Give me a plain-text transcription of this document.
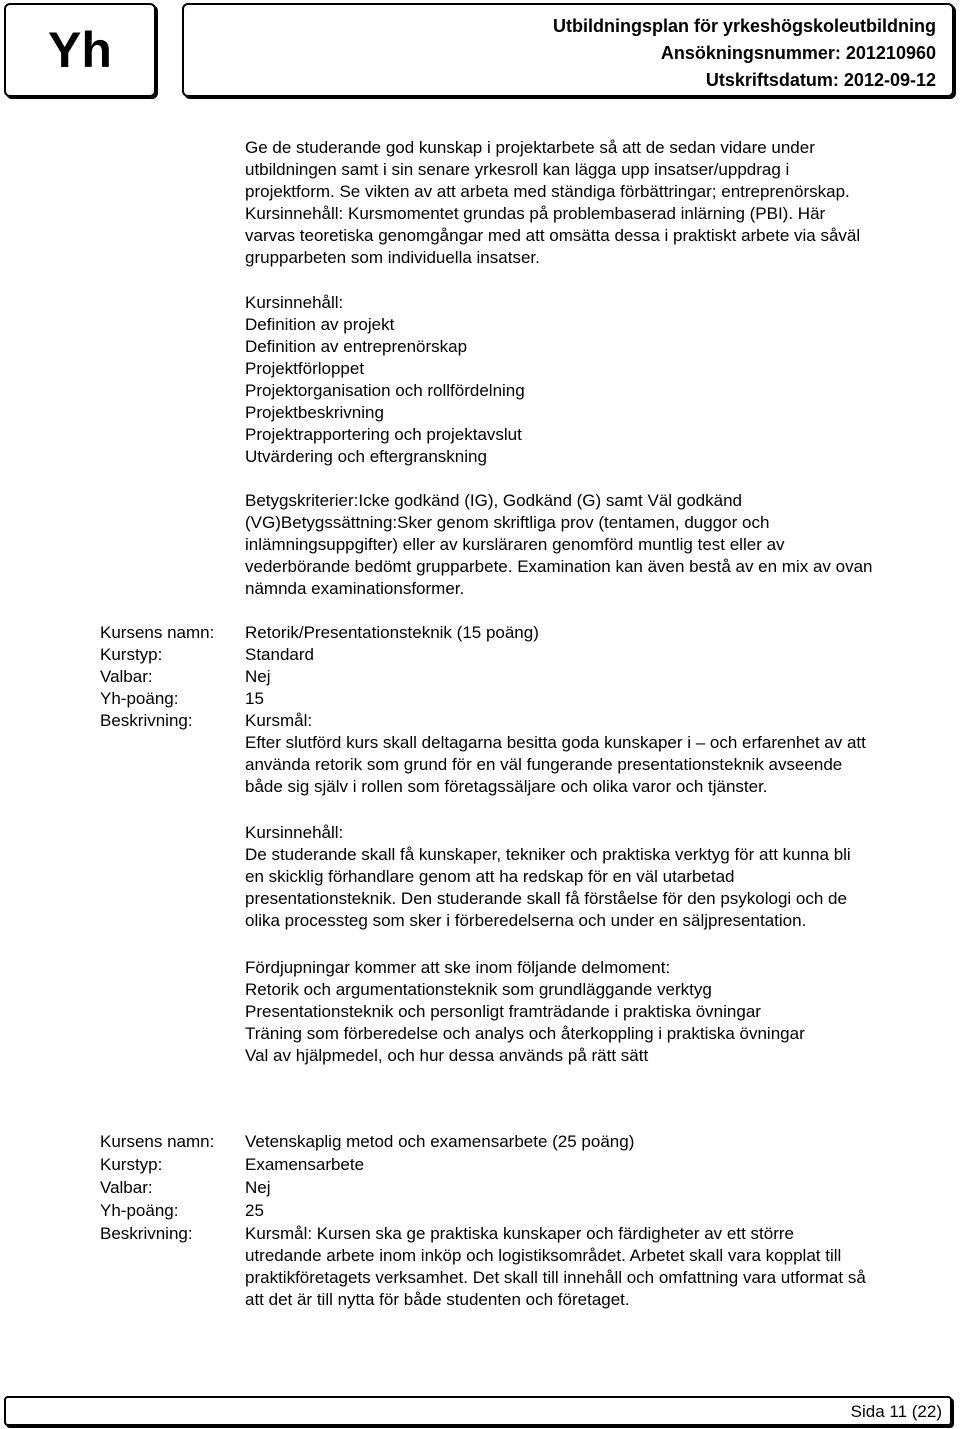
Yh	Utbildningsplan för yrkeshögskoleutbildning
Ansökningsnummer: 201210960
Utskriftsdatum: 2012-09-12
Ge de studerande god kunskap i projektarbete så att de sedan vidare under
utbildningen samt i sin senare yrkesroll kan lägga upp insatser/uppdrag i
projektform. Se vikten av att arbeta med ständiga förbättringar; entreprenörskap.
Kursinnehåll: Kursmomentet grundas på problembaserad inlärning (PBI). Här
varvas teoretiska genomgångar med att omsätta dessa i praktiskt arbete via såväl
grupparbeten som individuella insatser.
Kursinnehåll:
Definition av projekt
Definition av entreprenörskap
Projektförloppet
Projektorganisation och rollfördelning
Projektbeskrivning
Projektrapportering och projektavslut
Utvärdering och eftergranskning
Betygskriterier:Icke godkänd (IG), Godkänd (G) samt Väl godkänd
(VG)Betygssättning:Sker genom skriftliga prov (tentamen, duggor och
inlämningsuppgifter) eller av kursläraren genomförd muntlig test eller av
vederbörande bedömt grupparbete. Examination kan även bestå av en mix av ovan
nämnda examinationsformer.
Kursens namn:	Retorik/Presentationsteknik (15 poäng)
Kurstyp:	Standard
Valbar:	Nej
Yh-poäng:	15
Beskrivning:	Kursmål:
Efter slutförd kurs skall deltagarna besitta goda kunskaper i – och erfarenhet av att
använda retorik som grund för en väl fungerande presentationsteknik avseende
både sig själv i rollen som företagssäljare och olika varor och tjänster.
Kursinnehåll:
De studerande skall få kunskaper, tekniker och praktiska verktyg för att kunna bli
en skicklig förhandlare genom att ha redskap för en väl utarbetad
presentationsteknik. Den studerande skall få förståelse för den psykologi och de
olika processteg som sker i förberedelserna och under en säljpresentation.
Fördjupningar kommer att ske inom följande delmoment:
Retorik och argumentationsteknik som grundläggande verktyg
Presentationsteknik och personligt framträdande i praktiska övningar
Träning som förberedelse och analys och återkoppling i praktiska övningar
Val av hjälpmedel, och hur dessa används på rätt sätt
Kursens namn:	Vetenskaplig metod och examensarbete (25 poäng)
Kurstyp:	Examensarbete
Valbar:	Nej
Yh-poäng:	25
Beskrivning:	Kursmål: Kursen ska ge praktiska kunskaper och färdigheter av ett större
utredande arbete inom inköp och logistiksområdet. Arbetet skall vara kopplat till
praktikföretagets verksamhet. Det skall till innehåll och omfattning vara utformat så
att det är till nytta för både studenten och företaget.
Sida 11 (22)
